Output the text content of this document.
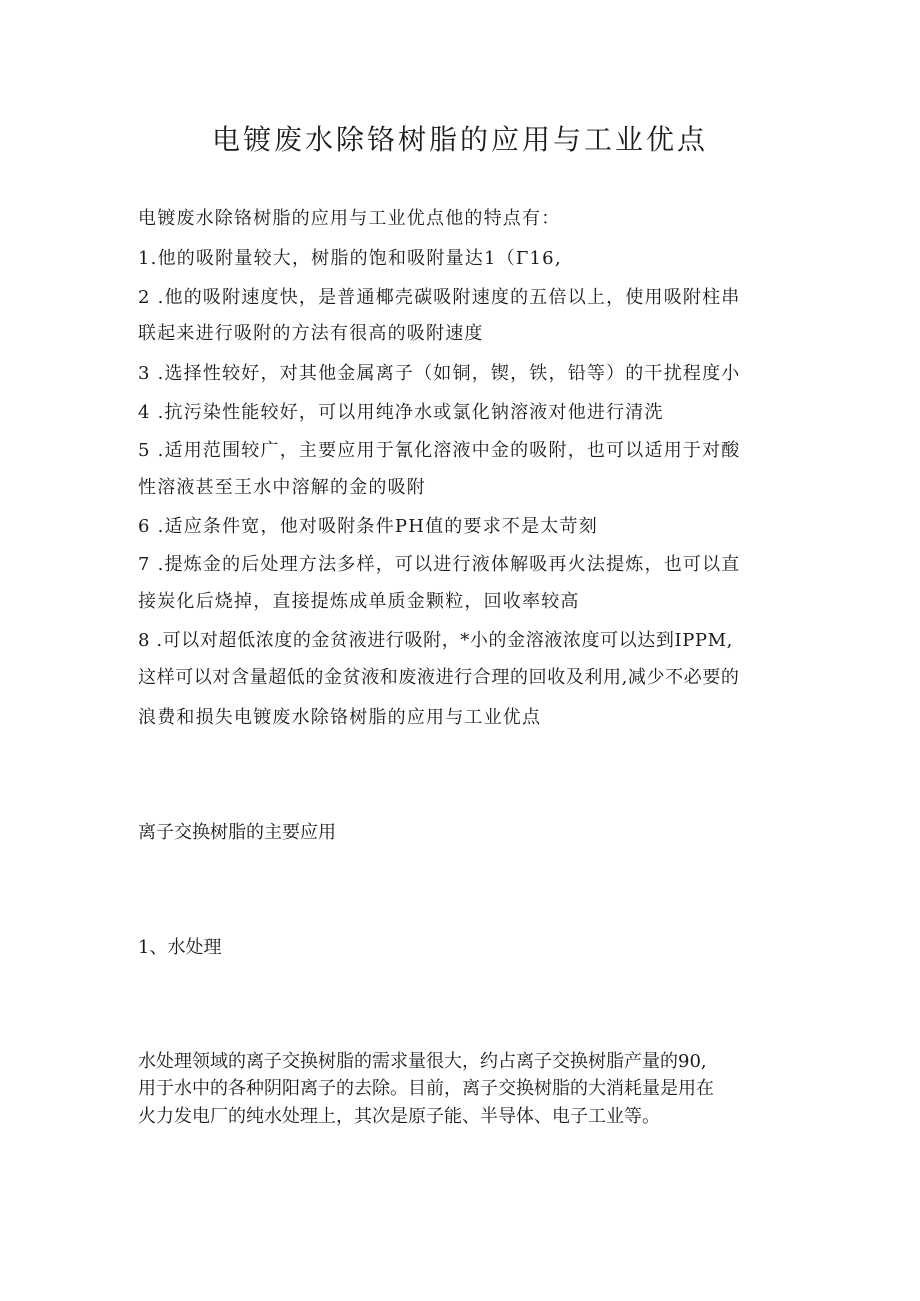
电镀废水除铬树脂的应用与工业优点
电镀废水除铬树脂的应用与工业优点他的特点有：
1.他的吸附量较大，树脂的饱和吸附量达1（Γ16,
2 .他的吸附速度快，是普通椰壳碳吸附速度的五倍以上，使用吸附柱串
联起来进行吸附的方法有很高的吸附速度
3 .选择性较好，对其他金属离子（如铜，锲，铁，铅等）的干扰程度小
4 .抗污染性能较好，可以用纯净水或氯化钠溶液对他进行清洗
5 .适用范围较广，主要应用于氰化溶液中金的吸附，也可以适用于对酸
性溶液甚至王水中溶解的金的吸附
6 .适应条件宽，他对吸附条件PH值的要求不是太苛刻
7 .提炼金的后处理方法多样，可以进行液体解吸再火法提炼，也可以直
接炭化后烧掉，直接提炼成单质金颗粒，回收率较高
8 .可以对超低浓度的金贫液进行吸附，*小的金溶液浓度可以达到IPPM,
这样可以对含量超低的金贫液和废液进行合理的回收及利用,减少不必要的
浪费和损失电镀废水除铬树脂的应用与工业优点
离子交换树脂的主要应用
1、水处理
水处理领域的离子交换树脂的需求量很大，约占离子交换树脂产量的90,
用于水中的各种阴阳离子的去除。目前，离子交换树脂的大消耗量是用在
火力发电厂的纯水处理上，其次是原子能、半导体、电子工业等。
